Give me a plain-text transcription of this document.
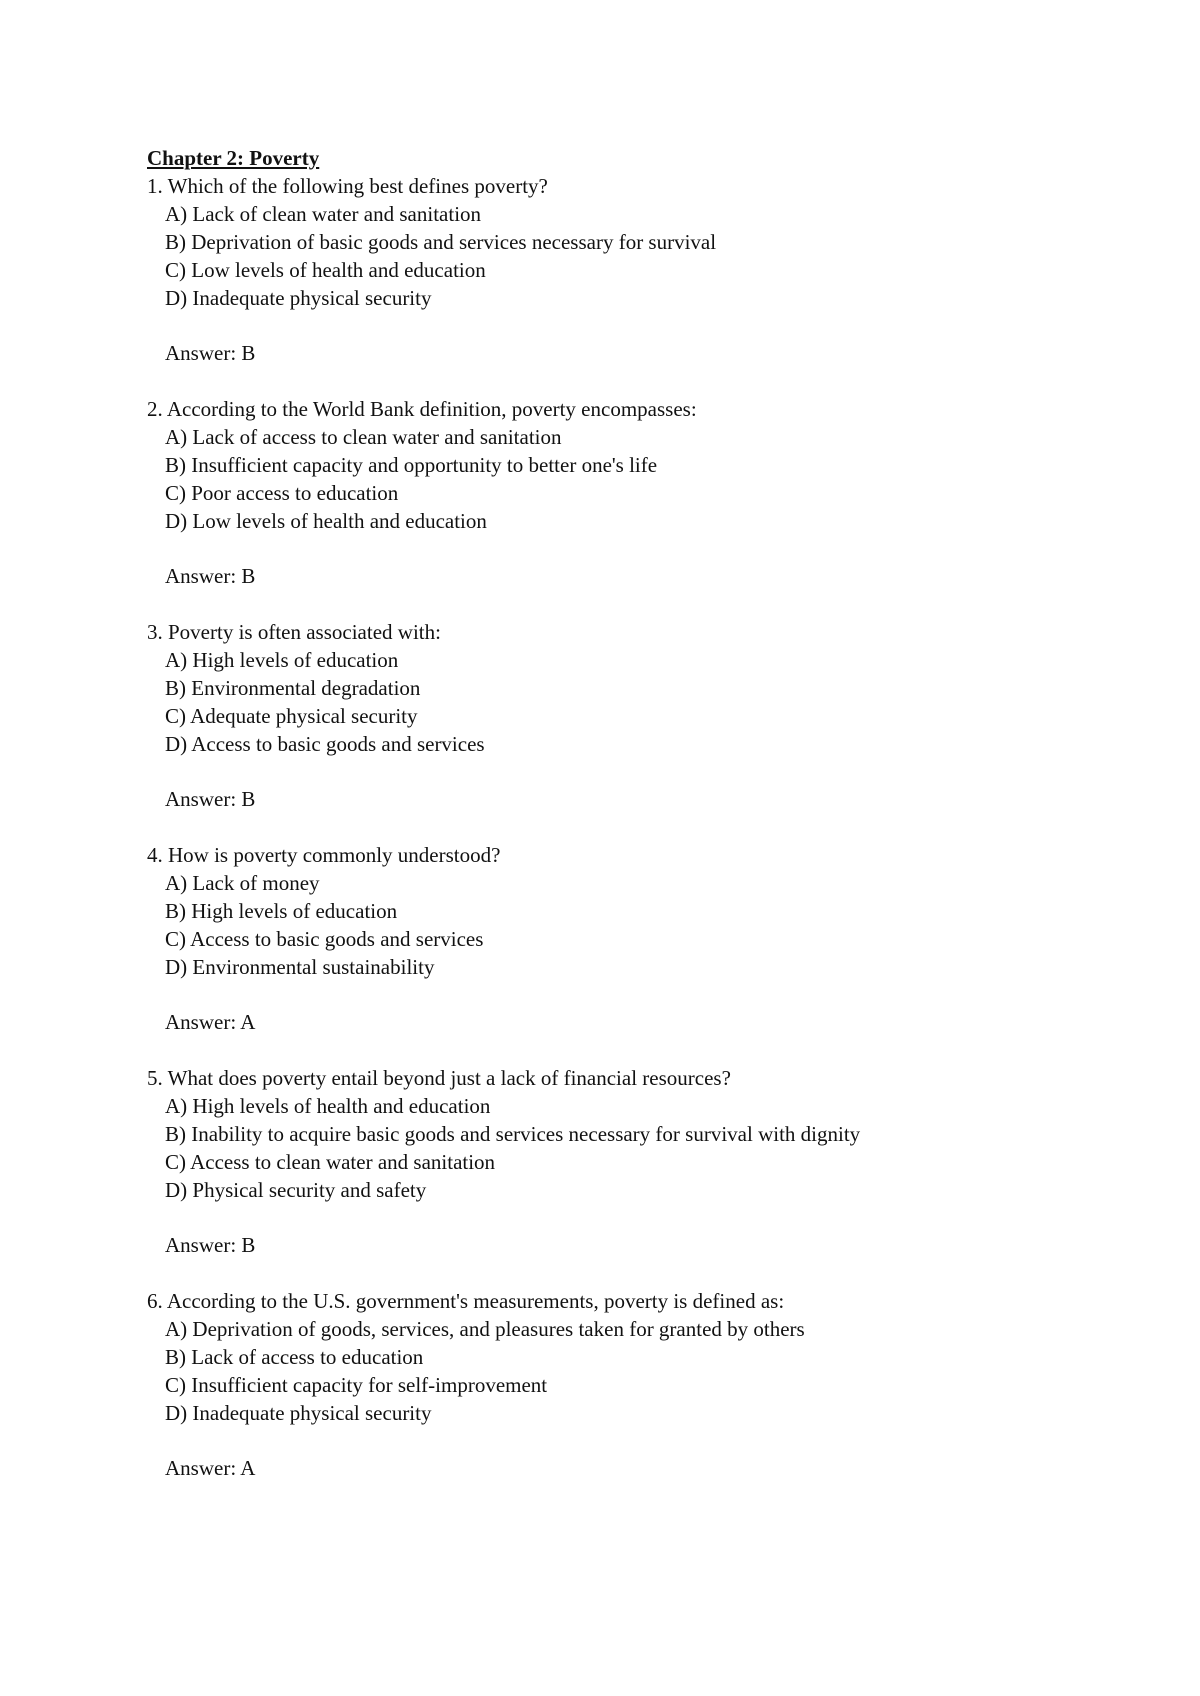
Chapter 2: Poverty
1. Which of the following best defines poverty?
A) Lack of clean water and sanitation
B) Deprivation of basic goods and services necessary for survival
C) Low levels of health and education
D) Inadequate physical security
Answer: B
2. According to the World Bank definition, poverty encompasses:
A) Lack of access to clean water and sanitation
B) Insufficient capacity and opportunity to better one's life
C) Poor access to education
D) Low levels of health and education
Answer: B
3. Poverty is often associated with:
A) High levels of education
B) Environmental degradation
C) Adequate physical security
D) Access to basic goods and services
Answer: B
4. How is poverty commonly understood?
A) Lack of money
B) High levels of education
C) Access to basic goods and services
D) Environmental sustainability
Answer: A
5. What does poverty entail beyond just a lack of financial resources?
A) High levels of health and education
B) Inability to acquire basic goods and services necessary for survival with dignity
C) Access to clean water and sanitation
D) Physical security and safety
Answer: B
6. According to the U.S. government's measurements, poverty is defined as:
A) Deprivation of goods, services, and pleasures taken for granted by others
B) Lack of access to education
C) Insufficient capacity for self-improvement
D) Inadequate physical security
Answer: A
